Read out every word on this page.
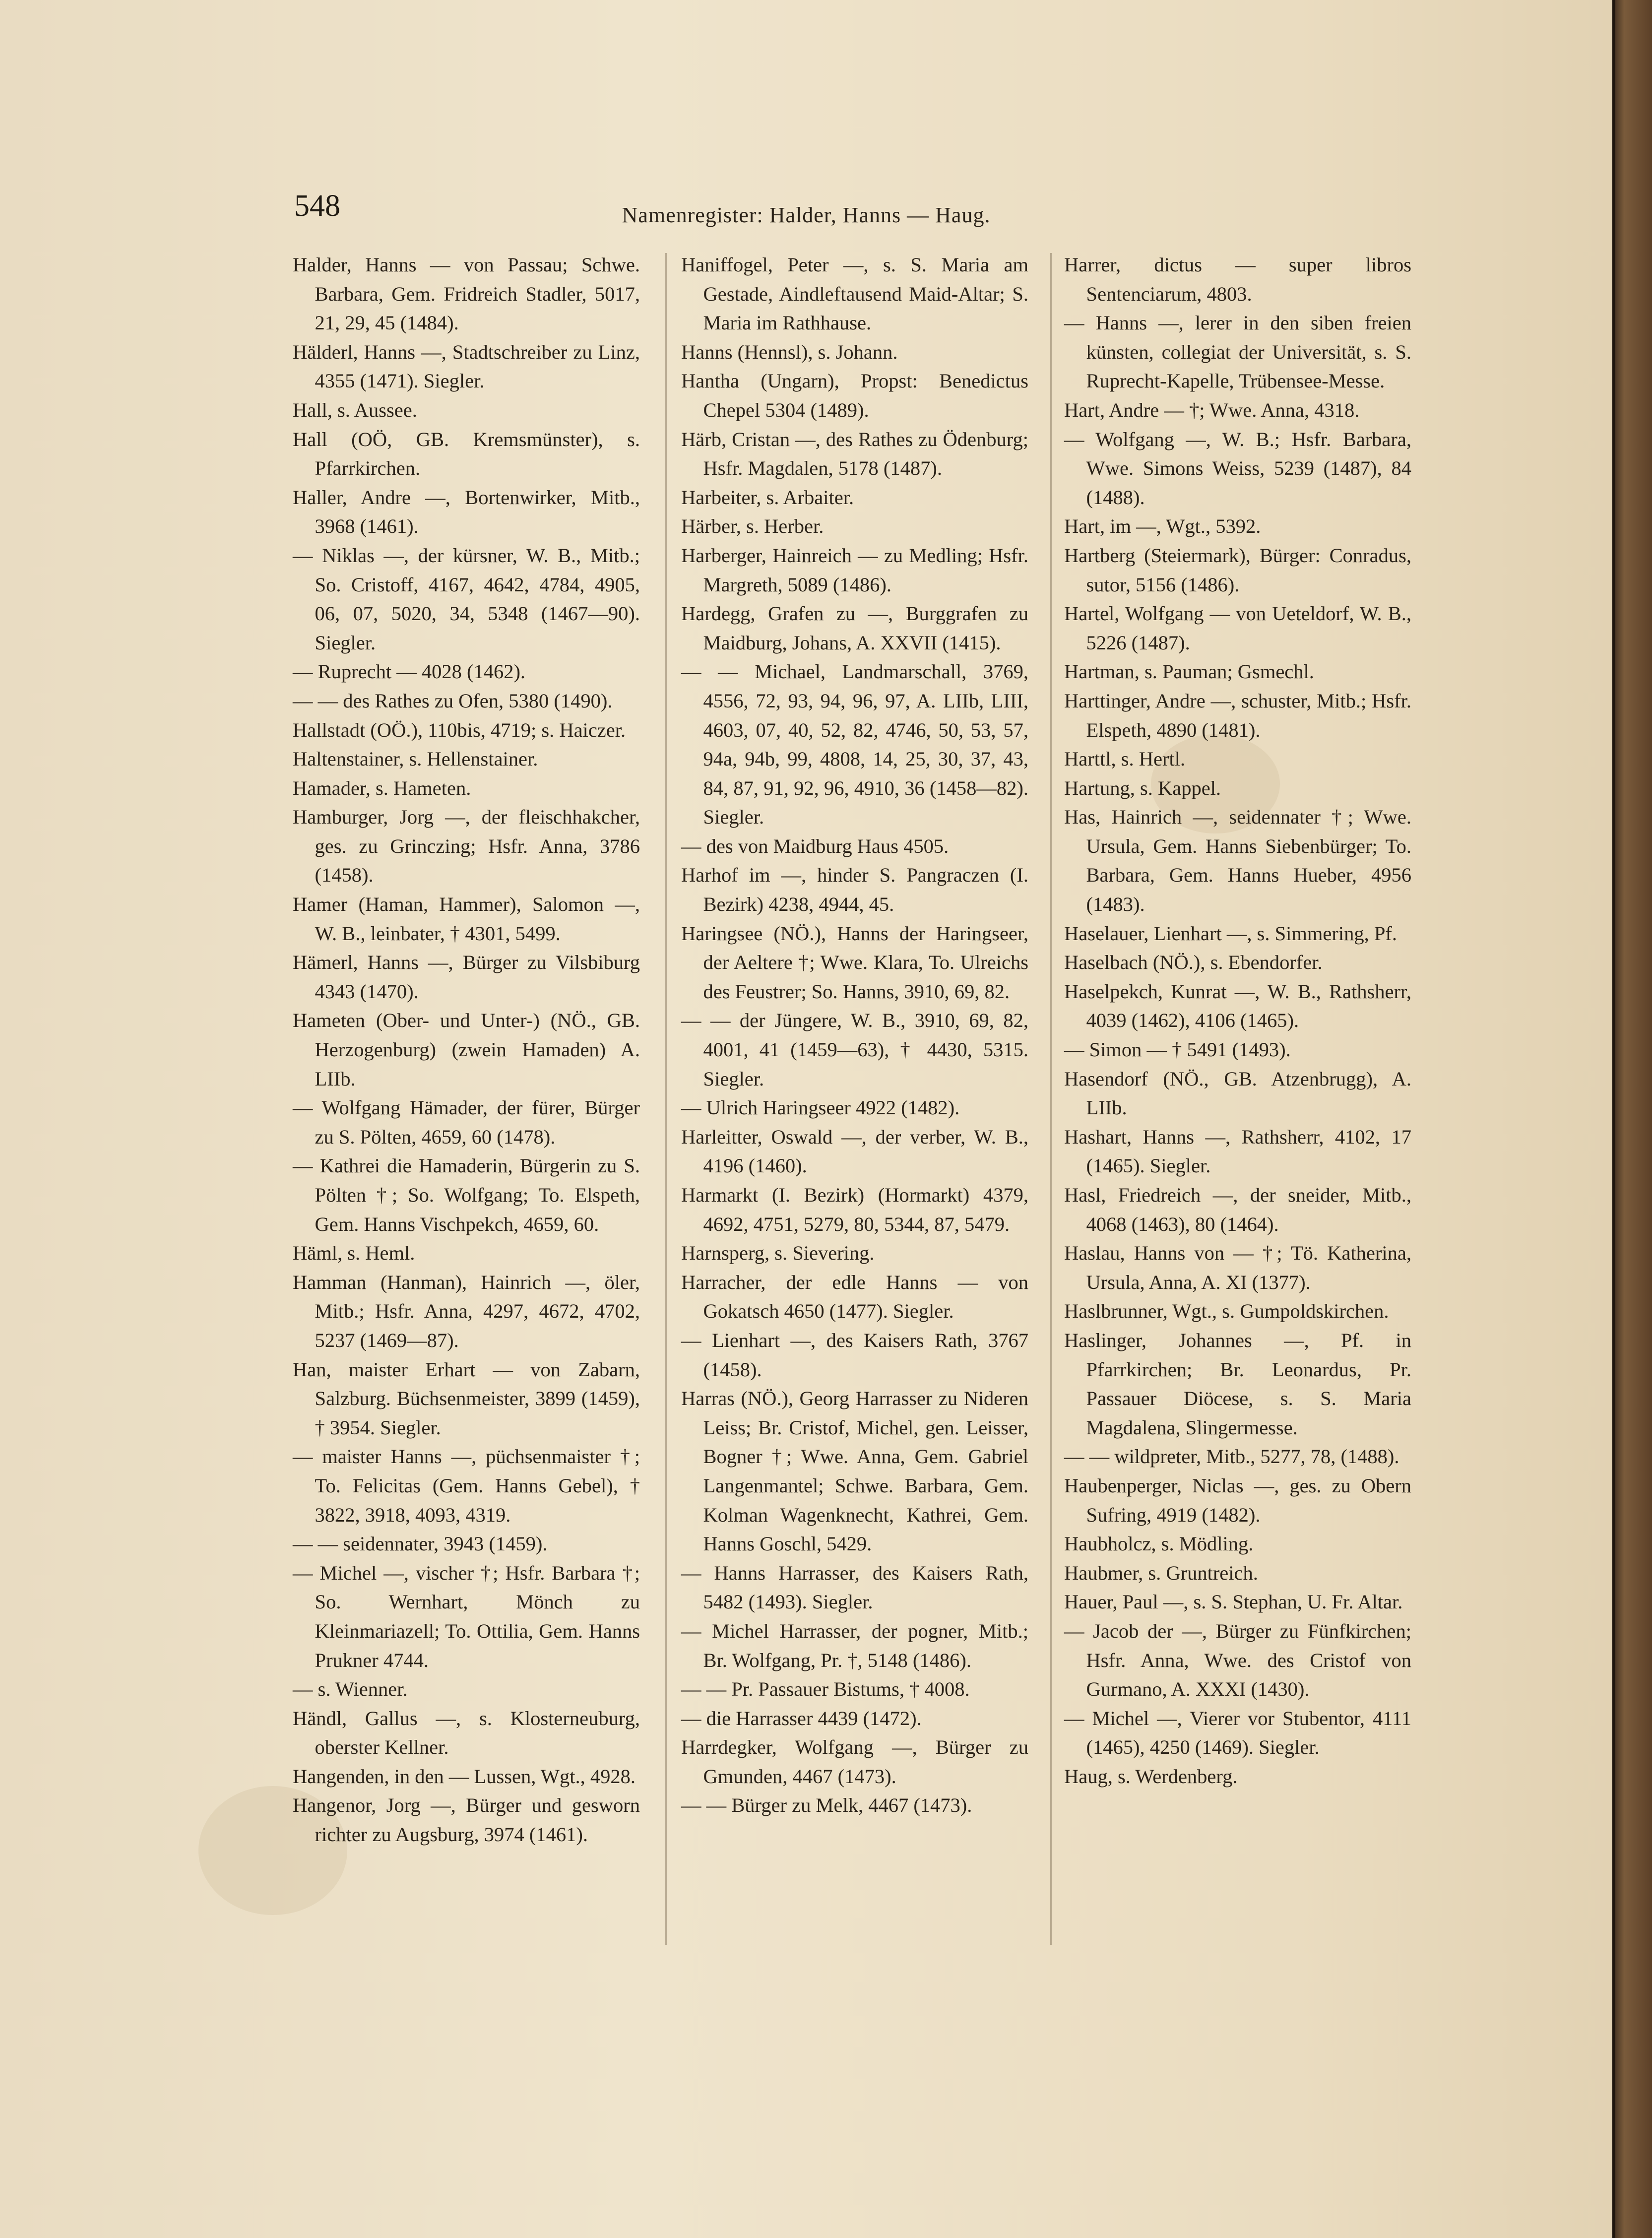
548	Namenregister: Halder, Hanns — Haug.

Halder, Hanns — von Passau; Schwe. Barbara, Gem. Fridreich Stadler, 5017, 21, 29, 45 (1484).

Hälderl, Hanns —, Stadtschreiber zu Linz, 4355 (1471). Siegler.

Hall, s. Aussee.

Hall (OÖ, GB. Kremsmünster), s. Pfarrkirchen.

Haller, Andre —, Bortenwirker, Mitb., 3968 (1461).

— Niklas —, der kürsner, W. B., Mitb.; So. Cristoff, 4167, 4642, 4784, 4905, 06, 07, 5020, 34, 5348 (1467—90). Siegler.

— Ruprecht — 4028 (1462).

— — des Rathes zu Ofen, 5380 (1490).

Hallstadt (OÖ.), 110bis, 4719; s. Haiczer.

Haltenstainer, s. Hellenstainer.

Hamader, s. Hameten.

Hamburger, Jorg —, der fleischhakcher, ges. zu Grinczing; Hsfr. Anna, 3786 (1458).

Hamer (Haman, Hammer), Salomon —, W. B., leinbater, † 4301, 5499.

Hämerl, Hanns —, Bürger zu Vilsbiburg 4343 (1470).

Hameten (Ober- und Unter-) (NÖ., GB. Herzogenburg) (zwein Hamaden) A. LIIb.

— Wolfgang Hämader, der fürer, Bürger zu S. Pölten, 4659, 60 (1478).

— Kathrei die Hamaderin, Bürgerin zu S. Pölten †; So. Wolfgang; To. Elspeth, Gem. Hanns Vischpekch, 4659, 60.

Häml, s. Heml.

Hamman (Hanman), Hainrich —, öler, Mitb.; Hsfr. Anna, 4297, 4672, 4702, 5237 (1469—87).

Han, maister Erhart — von Zabarn, Salzburg. Büchsenmeister, 3899 (1459), † 3954. Siegler.

— maister Hanns —, püchsenmaister †; To. Felicitas (Gem. Hanns Gebel), † 3822, 3918, 4093, 4319.

— — seidennater, 3943 (1459).

— Michel —, vischer †; Hsfr. Barbara †; So. Wernhart, Mönch zu Kleinmariazell; To. Ottilia, Gem. Hanns Prukner 4744.

— s. Wienner.

Händl, Gallus —, s. Klosterneuburg, oberster Kellner.

Hangenden, in den — Lussen, Wgt., 4928.

Hangenor, Jorg —, Bürger und gesworn richter zu Augsburg, 3974 (1461).

Haniffogel, Peter —, s. S. Maria am Gestade, Aindleftausend Maid-Altar; S. Maria im Rathhause.

Hanns (Hennsl), s. Johann.

Hantha (Ungarn), Propst: Benedictus Chepel 5304 (1489).

Härb, Cristan —, des Rathes zu Ödenburg; Hsfr. Magdalen, 5178 (1487).

Harbeiter, s. Arbaiter.

Härber, s. Herber.

Harberger, Hainreich — zu Medling; Hsfr. Margreth, 5089 (1486).

Hardegg, Grafen zu —, Burggrafen zu Maidburg, Johans, A. XXVII (1415).

— — Michael, Landmarschall, 3769, 4556, 72, 93, 94, 96, 97, A. LIIb, LIII, 4603, 07, 40, 52, 82, 4746, 50, 53, 57, 94a, 94b, 99, 4808, 14, 25, 30, 37, 43, 84, 87, 91, 92, 96, 4910, 36 (1458—82). Siegler.

— des von Maidburg Haus 4505.

Harhof im —, hinder S. Pangraczen (I. Bezirk) 4238, 4944, 45.

Haringsee (NÖ.), Hanns der Haringseer, der Aeltere †; Wwe. Klara, To. Ulreichs des Feustrer; So. Hanns, 3910, 69, 82.

— — der Jüngere, W. B., 3910, 69, 82, 4001, 41 (1459—63), † 4430, 5315. Siegler.

— Ulrich Haringseer 4922 (1482).

Harleitter, Oswald —, der verber, W. B., 4196 (1460).

Harmarkt (I. Bezirk) (Hormarkt) 4379, 4692, 4751, 5279, 80, 5344, 87, 5479.

Harnsperg, s. Sievering.

Harracher, der edle Hanns — von Gokatsch 4650 (1477). Siegler.

— Lienhart —, des Kaisers Rath, 3767 (1458).

Harras (NÖ.), Georg Harrasser zu Nideren Leiss; Br. Cristof, Michel, gen. Leisser, Bogner †; Wwe. Anna, Gem. Gabriel Langenmantel; Schwe. Barbara, Gem. Kolman Wagenknecht, Kathrei, Gem. Hanns Goschl, 5429.

— Hanns Harrasser, des Kaisers Rath, 5482 (1493). Siegler.

— Michel Harrasser, der pogner, Mitb.; Br. Wolfgang, Pr. †, 5148 (1486).

— — Pr. Passauer Bistums, † 4008.

— die Harrasser 4439 (1472).

Harrdegker, Wolfgang —, Bürger zu Gmunden, 4467 (1473).

— — Bürger zu Melk, 4467 (1473).

Harrer, dictus — super libros Sentenciarum, 4803.

— Hanns —, lerer in den siben freien künsten, collegiat der Universität, s. S. Ruprecht-Kapelle, Trübensee-Messe.

Hart, Andre — †; Wwe. Anna, 4318.

— Wolfgang —, W. B.; Hsfr. Barbara, Wwe. Simons Weiss, 5239 (1487), 84 (1488).

Hart, im —, Wgt., 5392.

Hartberg (Steiermark), Bürger: Conradus, sutor, 5156 (1486).

Hartel, Wolfgang — von Ueteldorf, W. B., 5226 (1487).

Hartman, s. Pauman; Gsmechl.

Harttinger, Andre —, schuster, Mitb.; Hsfr. Elspeth, 4890 (1481).

Harttl, s. Hertl.

Hartung, s. Kappel.

Has, Hainrich —, seidennater †; Wwe. Ursula, Gem. Hanns Siebenbürger; To. Barbara, Gem. Hanns Hueber, 4956 (1483).

Haselauer, Lienhart —, s. Simmering, Pf.

Haselbach (NÖ.), s. Ebendorfer.

Haselpekch, Kunrat —, W. B., Rathsherr, 4039 (1462), 4106 (1465).

— Simon — † 5491 (1493).

Hasendorf (NÖ., GB. Atzenbrugg), A. LIIb.

Hashart, Hanns —, Rathsherr, 4102, 17 (1465). Siegler.

Hasl, Friedreich —, der sneider, Mitb., 4068 (1463), 80 (1464).

Haslau, Hanns von — †; Tö. Katherina, Ursula, Anna, A. XI (1377).

Haslbrunner, Wgt., s. Gumpoldskirchen.

Haslinger, Johannes —, Pf. in Pfarrkirchen; Br. Leonardus, Pr. Passauer Diöcese, s. S. Maria Magdalena, Slingermesse.

— — wildpreter, Mitb., 5277, 78, (1488).

Haubenperger, Niclas —, ges. zu Obern Sufring, 4919 (1482).

Haubholcz, s. Mödling.

Haubmer, s. Gruntreich.

Hauer, Paul —, s. S. Stephan, U. Fr. Altar.

— Jacob der —, Bürger zu Fünfkirchen; Hsfr. Anna, Wwe. des Cristof von Gurmano, A. XXXI (1430).

— Michel —, Vierer vor Stubentor, 4111 (1465), 4250 (1469). Siegler.

Haug, s. Werdenberg.
